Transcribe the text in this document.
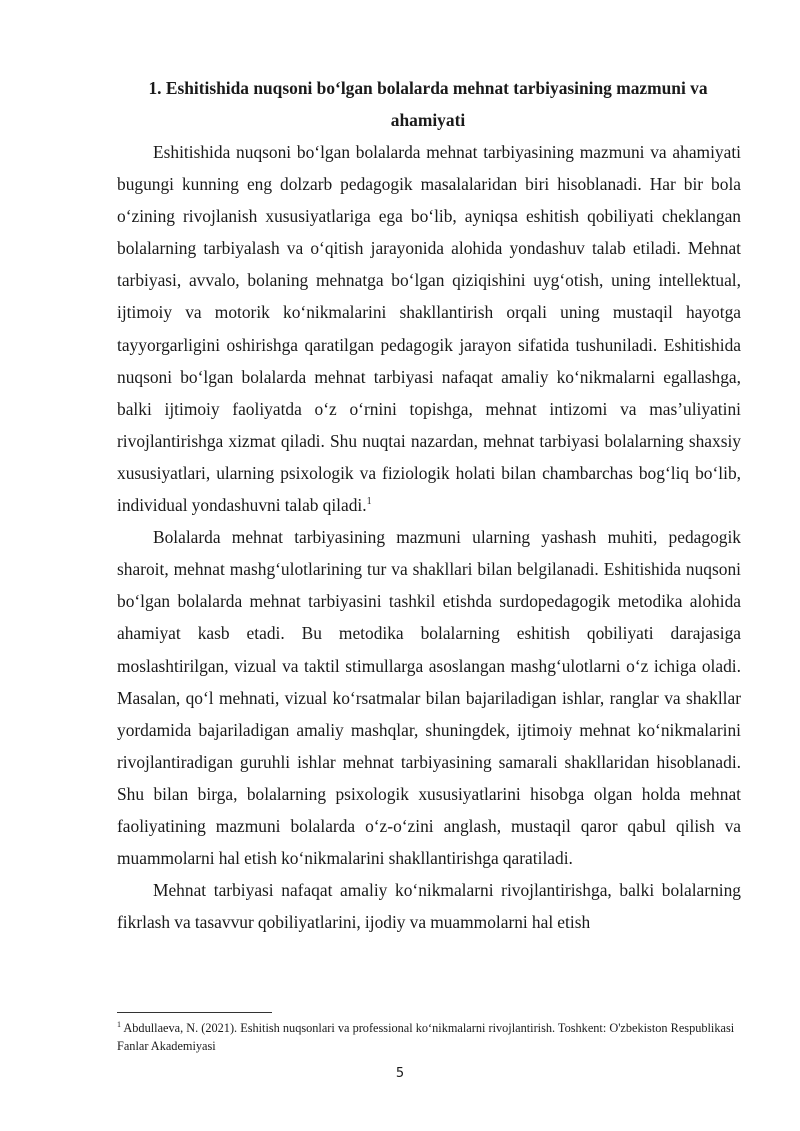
1. Eshitishida nuqsoni bo‘lgan bolalarda mehnat tarbiyasining mazmuni va ahamiyati

Eshitishida nuqsoni bo‘lgan bolalarda mehnat tarbiyasining mazmuni va ahamiyati bugungi kunning eng dolzarb pedagogik masalalaridan biri hisoblanadi. Har bir bola o‘zining rivojlanish xususiyatlariga ega bo‘lib, ayniqsa eshitish qobiliyati cheklangan bolalarning tarbiyalash va o‘qitish jarayonida alohida yondashuv talab etiladi. Mehnat tarbiyasi, avvalo, bolaning mehnatga bo‘lgan qiziqishini uyg‘otish, uning intellektual, ijtimoiy va motorik ko‘nikmalarini shakllantirish orqali uning mustaqil hayotga tayyorgarligini oshirishga qaratilgan pedagogik jarayon sifatida tushuniladi. Eshitishida nuqsoni bo‘lgan bolalarda mehnat tarbiyasi nafaqat amaliy ko‘nikmalarni egallashga, balki ijtimoiy faoliyatda o‘z o‘rnini topishga, mehnat intizomi va mas’uliyatini rivojlantirishga xizmat qiladi. Shu nuqtai nazardan, mehnat tarbiyasi bolalarning shaxsiy xususiyatlari, ularning psixologik va fiziologik holati bilan chambarchas bog‘liq bo‘lib, individual yondashuvni talab qiladi.$^1$

Bolalarda mehnat tarbiyasining mazmuni ularning yashash muhiti, pedagogik sharoit, mehnat mashg‘ulotlarining tur va shakllari bilan belgilanadi. Eshitishida nuqsoni bo‘lgan bolalarda mehnat tarbiyasini tashkil etishda surdopedagogik metodika alohida ahamiyat kasb etadi. Bu metodika bolalarning eshitish qobiliyati darajasiga moslashtirilgan, vizual va taktil stimullarga asoslangan mashg‘ulotlarni o‘z ichiga oladi. Masalan, qo‘l mehnati, vizual ko‘rsatmalar bilan bajariladigan ishlar, ranglar va shakllar yordamida bajariladigan amaliy mashqlar, shuningdek, ijtimoiy mehnat ko‘nikmalarini rivojlantiradigan guruhli ishlar mehnat tarbiyasining samarali shakllaridan hisoblanadi. Shu bilan birga, bolalarning psixologik xususiyatlarini hisobga olgan holda mehnat faoliyatining mazmuni bolalarda o‘z-o‘zini anglash, mustaqil qaror qabul qilish va muammolarni hal etish ko‘nikmalarini shakllantirishga qaratiladi.

Mehnat tarbiyasi nafaqat amaliy ko‘nikmalarni rivojlantirishga, balki bolalarning fikrlash va tasavvur qobiliyatlarini, ijodiy va muammolarni hal etish

$^1$ Abdullaeva, N. (2021). Eshitish nuqsonlari va professional ko‘nikmalarni rivojlantirish. Toshkent: O'zbekiston Respublikasi Fanlar Akademiyasi

5
